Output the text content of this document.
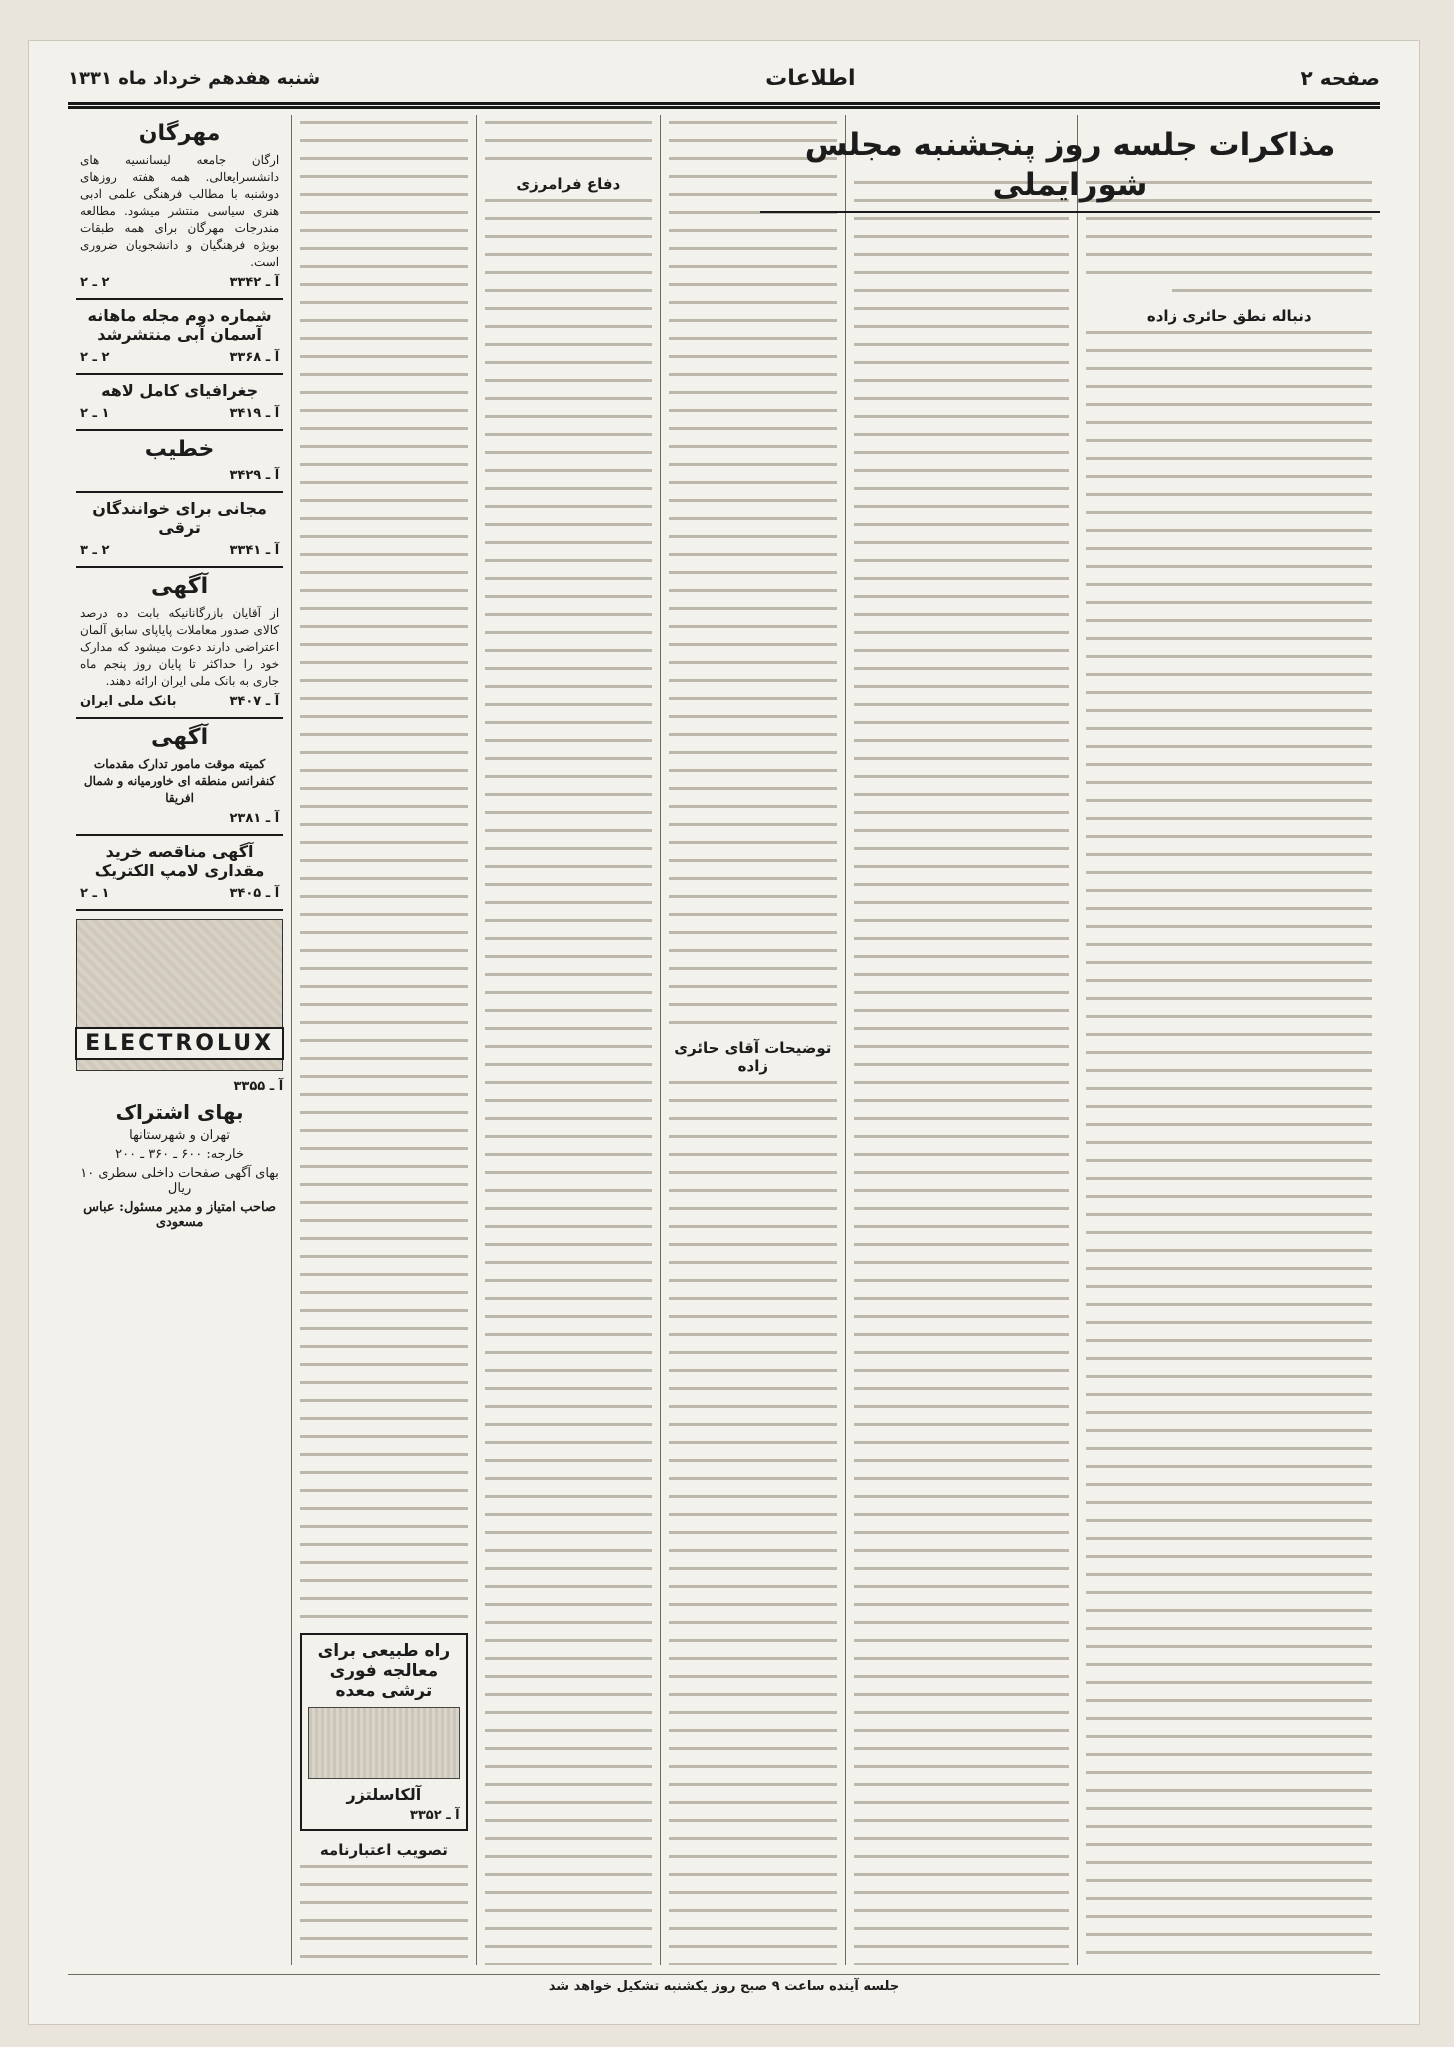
صفحه ۲
اطلاعات
شنبه هفدهم خرداد ماه ۱۳۳۱
دنباله نطق حائری زاده
توضیحات آقای حائری زاده
دفاع فرامرزی
راه طبیعی برای معالجه فوری ترشی معده
آلکاسلتزر
آ ـ ۳۳۵۲
تصویب اعتبارنامه
مهرگان
ارگان جامعه لیسانسیه های دانشسرایعالی. همه هفته روزهای دوشنبه با مطالب فرهنگی علمی ادبی هنری سیاسی منتشر میشود. مطالعه مندرجات مهرگان برای همه طبقات بویژه فرهنگیان و دانشجویان ضروری است.
آ ـ ۳۳۴۲
۲ ـ ۲
شماره دوم مجله ماهانه آسمان آبی منتشرشد
آ ـ ۳۳۶۸
۲ ـ ۲
جغرافیای کامل لاهه
آ ـ ۳۴۱۹
۱ ـ ۲
خطیب
آ ـ ۳۴۲۹
مجانی برای خوانندگان ترقی
آ ـ ۳۳۴۱
۲ ـ ۳
آگهی
از آقایان بازرگانانیکه بابت ده درصد کالای صدور معاملات پایاپای سابق آلمان اعتراضی دارند دعوت میشود که مدارک خود را حداکثر تا پایان روز پنجم ماه جاری به بانک ملی ایران ارائه دهند.
آ ـ ۳۴۰۷
بانک ملی ایران
آگهی
کمیته موقت مامور تدارک مقدمات کنفرانس منطقه ای خاورمیانه و شمال افریقا
آ ـ ۲۳۸۱
آگهی مناقصه خرید مقداری لامپ الکتریک
آ ـ ۳۴۰۵
۱ ـ ۲
ELECTROLUX
آ ـ ۳۳۵۵
بهای اشتراک
تهران و شهرستانها
خارجه: ۶۰۰ ـ ۳۶۰ ـ ۲۰۰
بهای آگهی صفحات داخلی سطری ۱۰ ریال
صاحب امتیاز و مدیر مسئول: عباس مسعودی
مذاکرات جلسه روز پنجشنبه مجلس شورایملی
جلسه آینده ساعت ۹ صبح روز یکشنبه تشکیل خواهد شد
